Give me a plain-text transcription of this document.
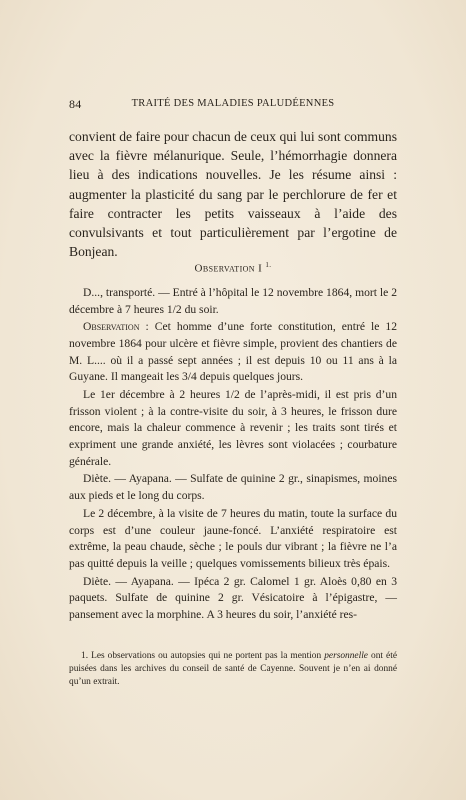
84	TRAITÉ DES MALADIES PALUDÉENNES

convient de faire pour chacun de ceux qui lui sont communs avec la fièvre mélanurique. Seule, l’hémorrhagie donnera lieu à des indications nouvelles. Je les résume ainsi : augmenter la plasticité du sang par le perchlorure de fer et faire contracter les petits vaisseaux à l’aide des convulsivants et tout particulièrement par l’ergotine de Bonjean.

Observation I $^{1.}$

D..., transporté. — Entré à l’hôpital le 12 novembre 1864, mort le 2 décembre à 7 heures 1/2 du soir.

Observation : Cet homme d’une forte constitution, entré le 12 novembre 1864 pour ulcère et fièvre simple, provient des chantiers de M. L.... où il a passé sept années ; il est depuis 10 ou 11 ans à la Guyane. Il mangeait les 3/4 depuis quelques jours.

Le 1er décembre à 2 heures 1/2 de l’après-midi, il est pris d’un frisson violent ; à la contre-visite du soir, à 3 heures, le frisson dure encore, mais la chaleur commence à revenir ; les traits sont tirés et expriment une grande anxiété, les lèvres sont violacées ; courbature générale.

Diète. — Ayapana. — Sulfate de quinine 2 gr., sinapismes, moines aux pieds et le long du corps.

Le 2 décembre, à la visite de 7 heures du matin, toute la surface du corps est d’une couleur jaune-foncé. L’anxiété respiratoire est extrême, la peau chaude, sèche ; le pouls dur vibrant ; la fièvre ne l’a pas quitté depuis la veille ; quelques vomissements bilieux très épais.

Diète. — Ayapana. — Ipéca 2 gr. Calomel 1 gr. Aloès 0,80 en 3 paquets. Sulfate de quinine 2 gr. Vésicatoire à l’épigastre, — pansement avec la morphine. A 3 heures du soir, l’anxiété res-

1. Les observations ou autopsies qui ne portent pas la mention personnelle ont été puisées dans les archives du conseil de santé de Cayenne. Souvent je n’en ai donné qu’un extrait.
